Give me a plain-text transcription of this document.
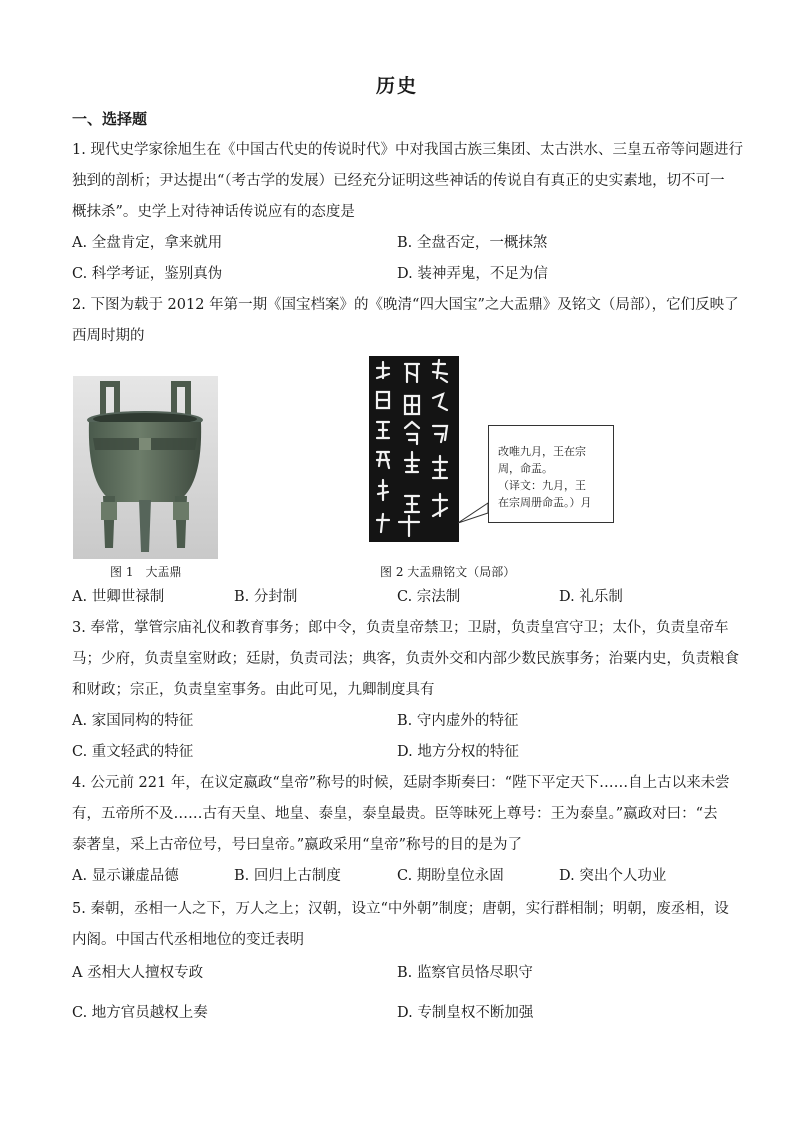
历史
一、选择题
1. 现代史学家徐旭生在《中国古代史的传说时代》中对我国古族三集团、太古洪水、三皇五帝等问题进行
独到的剖析；尹达提出“（考古学的发展）已经充分证明这些神话的传说自有真正的史实素地，切不可一
概抹杀”。史学上对待神话传说应有的态度是
A. 全盘肯定，拿来就用	B. 全盘否定，一概抹煞
C. 科学考证，鉴别真伪	D. 装神弄鬼，不足为信
2. 下图为载于 2012 年第一期《国宝档案》的《晚清“四大国宝”之大盂鼎》及铭文（局部），它们反映了
西周时期的
图 1　大盂鼎
改唯九月，王在宗
周，命盂。
（译文：九月，王
在宗周册命盂。）月
图 2 大盂鼎铭文（局部）
A. 世卿世禄制	B. 分封制	C. 宗法制	D. 礼乐制
3. 奉常，掌管宗庙礼仪和教育事务；郎中令，负责皇帝禁卫；卫尉，负责皇宫守卫；太仆，负责皇帝车
马；少府，负责皇室财政；廷尉，负责司法；典客，负责外交和内部少数民族事务；治粟内史，负责粮食
和财政；宗正，负责皇室事务。由此可见，九卿制度具有
A. 家国同构的特征	B. 守内虚外的特征
C. 重文轻武的特征	D. 地方分权的特征
4. 公元前 221 年，在议定嬴政“皇帝”称号的时候，廷尉李斯奏曰：“陛下平定天下……自上古以来未尝
有，五帝所不及……古有天皇、地皇、泰皇，泰皇最贵。臣等昧死上尊号：王为泰皇。”嬴政对曰：“去
泰著皇，采上古帝位号，号曰皇帝。”嬴政采用“皇帝”称号的目的是为了
A. 显示谦虚品德	B. 回归上古制度	C. 期盼皇位永固	D. 突出个人功业
5. 秦朝，丞相一人之下，万人之上；汉朝，设立“中外朝”制度；唐朝，实行群相制；明朝，废丞相，设
内阁。中国古代丞相地位的变迁表明
A 丞相大人擅权专政	B. 监察官员恪尽职守
C. 地方官员越权上奏	D. 专制皇权不断加强
